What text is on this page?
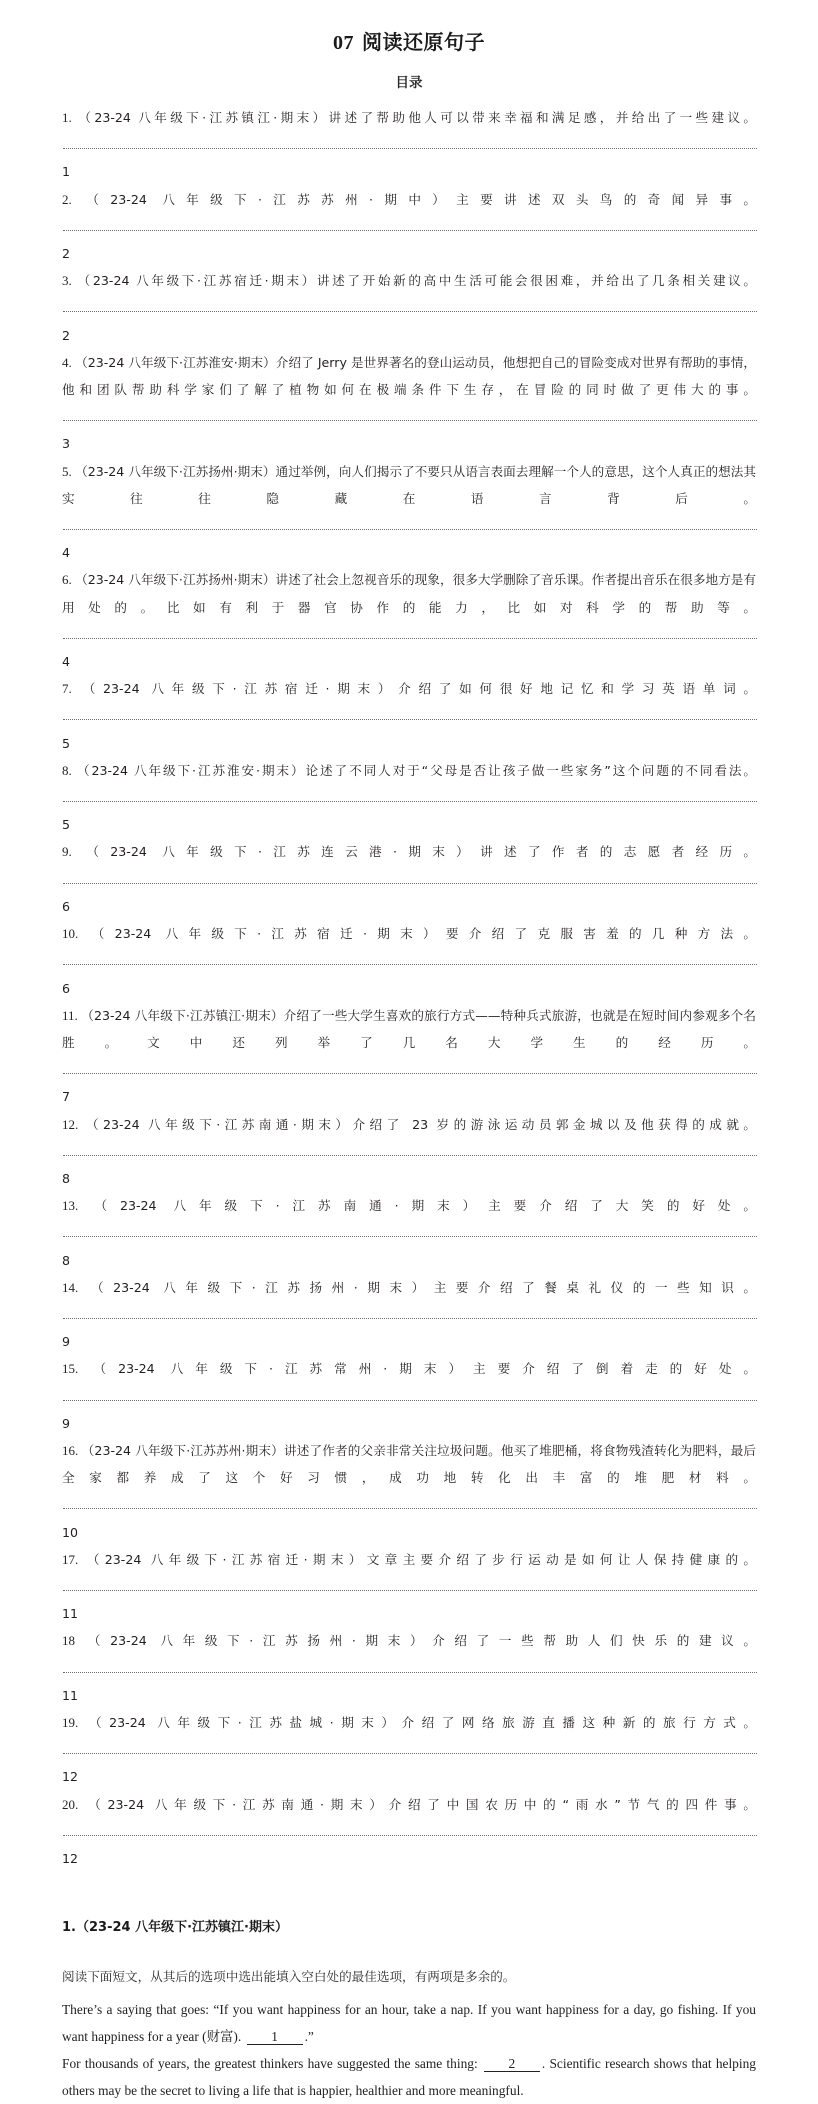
07 阅读还原句子
目录
1. （23-24 八年级下·江苏镇江·期末）讲述了帮助他人可以带来幸福和满足感，并给出了一些建议。1
2. （23-24 八年级下·江苏苏州·期中）主要讲述双头鸟的奇闻异事。2
3. （23-24 八年级下·江苏宿迁·期末）讲述了开始新的高中生活可能会很困难，并给出了几条相关建议。2
4. （23-24 八年级下·江苏淮安·期末）介绍了 Jerry 是世界著名的登山运动员，他想把自己的冒险变成对世界有帮助的事情，他和团队帮助科学家们了解了植物如何在极端条件下生存，在冒险的同时做了更伟大的事。3
5. （23-24 八年级下·江苏扬州·期末）通过举例，向人们揭示了不要只从语言表面去理解一个人的意思，这个人真正的想法其实往往隐藏在语言背后。4
6. （23-24 八年级下·江苏扬州·期末）讲述了社会上忽视音乐的现象，很多大学删除了音乐课。作者提出音乐在很多地方是有用处的。比如有利于器官协作的能力，比如对科学的帮助等。4
7. （23-24 八年级下·江苏宿迁·期末）介绍了如何很好地记忆和学习英语单词。5
8. （23-24 八年级下·江苏淮安·期末）论述了不同人对于“父母是否让孩子做一些家务”这个问题的不同看法。5
9. （23-24 八年级下·江苏连云港·期末）讲述了作者的志愿者经历。6
10. （23-24 八年级下·江苏宿迁·期末）要介绍了克服害羞的几种方法。6
11. （23-24 八年级下·江苏镇江·期末）介绍了一些大学生喜欢的旅行方式——特种兵式旅游，也就是在短时间内参观多个名胜。文中还列举了几名大学生的经历。7
12. （23-24 八年级下·江苏南通·期末）介绍了 23 岁的游泳运动员郭金城以及他获得的成就。8
13. （23-24 八年级下·江苏南通·期末）主要介绍了大笑的好处。8
14. （23-24 八年级下·江苏扬州·期末）主要介绍了餐桌礼仪的一些知识。9
15. （23-24 八年级下·江苏常州·期末）主要介绍了倒着走的好处。9
16. （23-24 八年级下·江苏苏州·期末）讲述了作者的父亲非常关注垃圾问题。他买了堆肥桶，将食物残渣转化为肥料，最后全家都养成了这个好习惯，成功地转化出丰富的堆肥材料。10
17. （23-24 八年级下·江苏宿迁·期末）文章主要介绍了步行运动是如何让人保持健康的。11
18 （23-24 八年级下·江苏扬州·期末）介绍了一些帮助人们快乐的建议。11
19. （23-24 八年级下·江苏盐城·期末）介绍了网络旅游直播这种新的旅行方式。12
20. （23-24 八年级下·江苏南通·期末）介绍了中国农历中的“雨水”节气的四件事。12
1.（23-24 八年级下·江苏镇江·期末）
阅读下面短文，从其后的选项中选出能填入空白处的最佳选项，有两项是多余的。

There’s a saying that goes: “If you want happiness for an hour, take a nap. If you want happiness for a day, go fishing. If you want happiness for a year (财富). 1 .”

For thousands of years, the greatest thinkers have suggested the same thing: 2 . Scientific research shows that helping others may be the secret to living a life that is happier, healthier and more meaningful.
